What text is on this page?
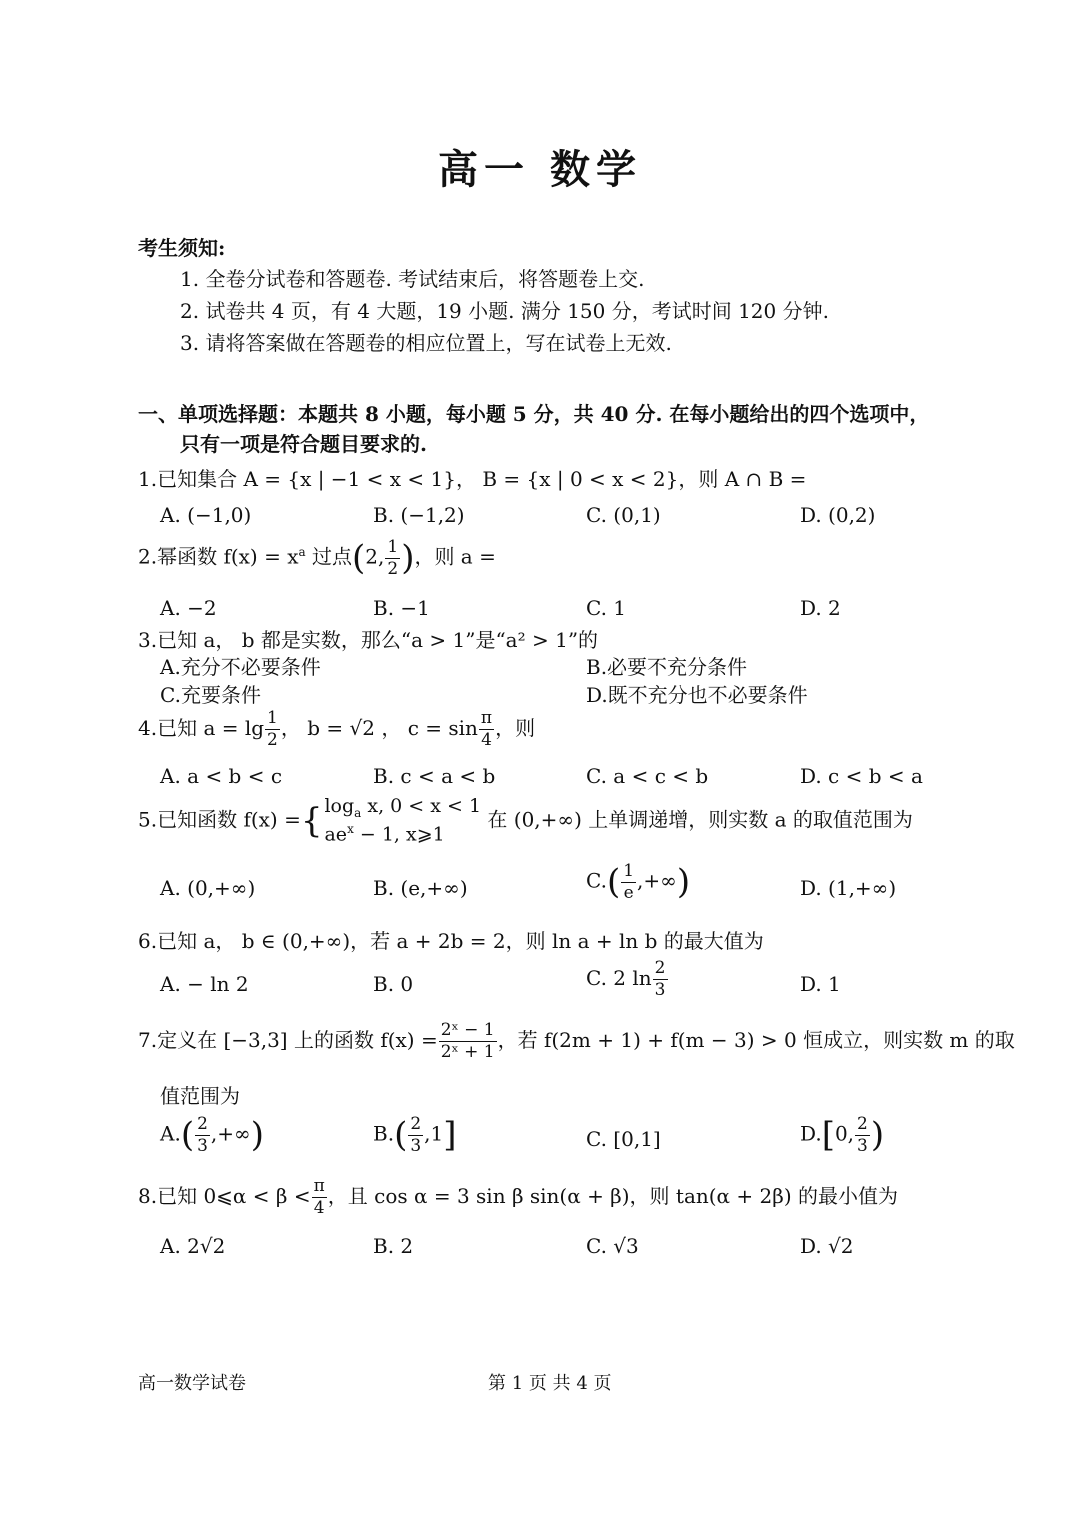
高一 数学
考生须知:
1. 全卷分试卷和答题卷. 考试结束后，将答题卷上交.
2. 试卷共 4 页，有 4 大题，19 小题. 满分 150 分，考试时间 120 分钟.
3. 请将答案做在答题卷的相应位置上，写在试卷上无效.
一、单项选择题：本题共 8 小题，每小题 5 分，共 40 分. 在每小题给出的四个选项中，
只有一项是符合题目要求的.
1.已知集合 A = {x | −1 < x < 1}， B = {x | 0 < x < 2}，则 A ∩ B =
A. (−1,0)	B. (−1,2)	C. (0,1)	D. (0,2)
2.幂函数 $f(x) = x^a$ 过点(2, $\frac{1}{2}$ )，则 a =
A. −2	B. −1	C. 1	D. 2
3.已知 a， b 都是实数，那么“a > 1”是“a² > 1”的
A.充分不必要条件	B.必要不充分条件
C.充要条件	D.既不充分也不必要条件
4.已知 $a = \lg \frac{1}{2}$ ， b = √2 ， $c = \sin \frac{\pi}{4}$ ，则
A. a < b < c	B. c < a < b	C. a < c < b	D. c < b < a
5.已知函数 f(x) ={ $\log_a x$, 0 < x < 1
$ae^x - 1$, x⩾1
在 (0,+∞) 上单调递增，则实数 a 的取值范围为
A. (0,+∞)	B. (e,+∞)	$C.( \frac{1}{e}$ ,+∞)	D. (1,+∞)
6.已知 a， b ∈ (0,+∞)，若 a + 2b = 2，则 ln a + ln b 的最大值为
A. − ln 2	B. 0	C. 2 $\ln \frac{2}{3}$	D. 1
7.定义在 [−3,3] 上的函数 $f(x) = \frac{\text{2ˣ − 1}}{\text{2ˣ + 1}}$ ，若 f(2m + 1) + f(m − 3) > 0 恒成立，则实数 m 的取
值范围为
$A.( \frac{2}{3}$ ,+∞)	$B.( \frac{2}{3} ,1]$	C. [0,1]	D.[0, $\frac{2}{3}$ )
8.已知 0⩽α < $\beta < \frac{\pi}{4}$ ，且 cos α = 3 sin β sin(α + β)，则 tan(α + 2β) 的最小值为
A. 2√2	B. 2	C. √3	D. √2
高一数学试卷	第 1 页 共 4 页
